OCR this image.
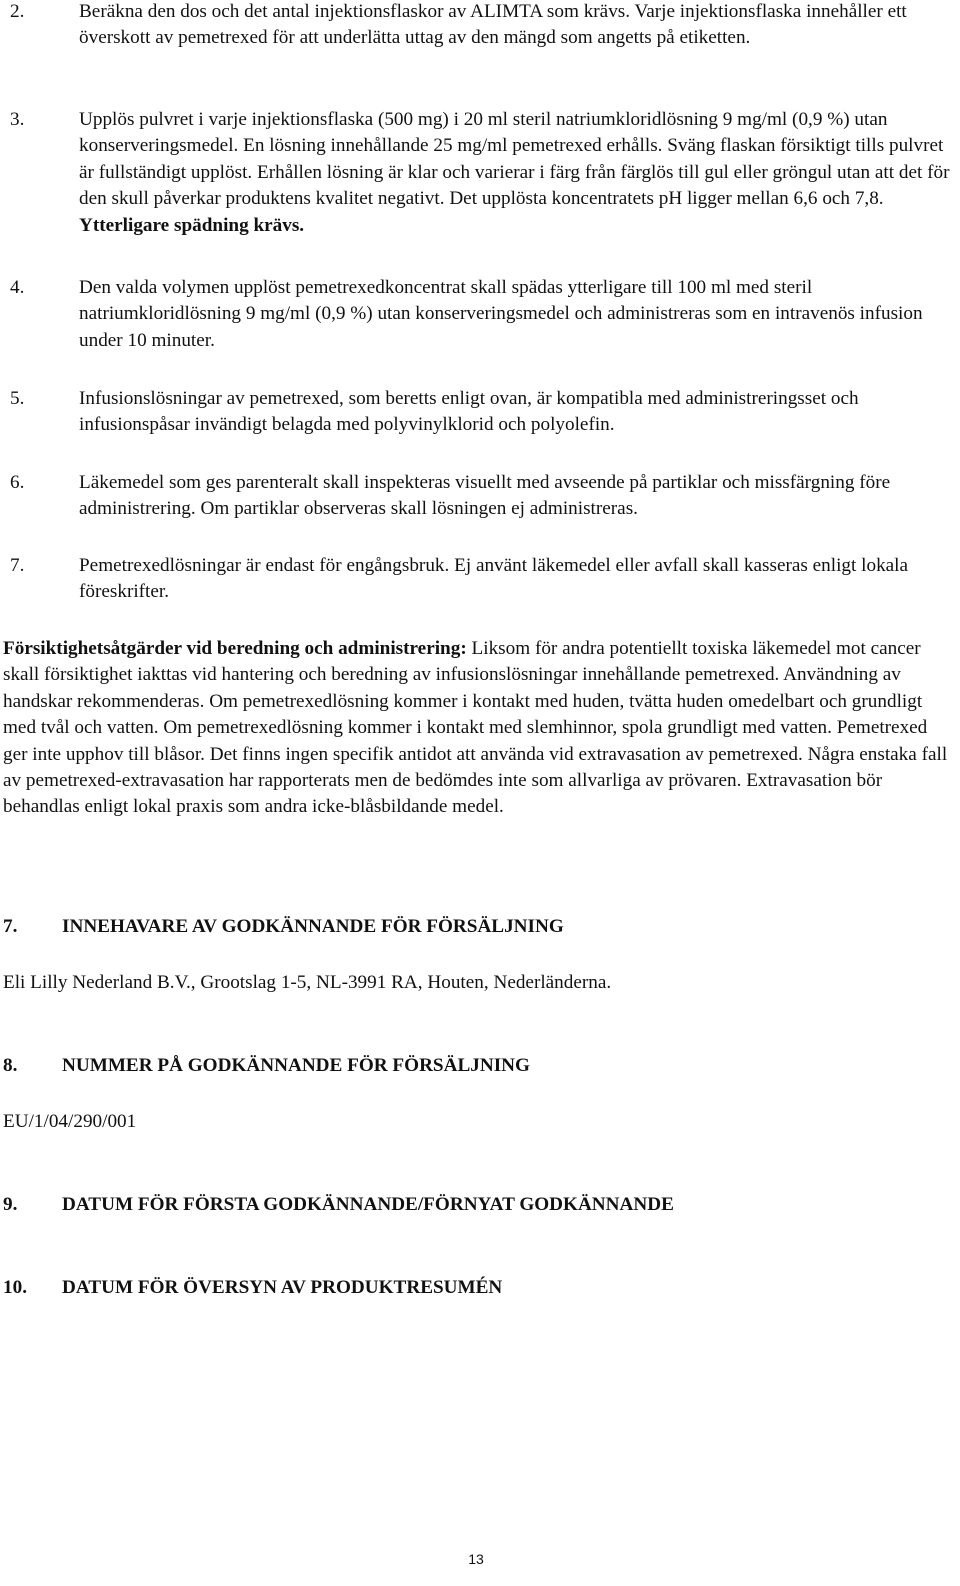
2.	Beräkna den dos och det antal injektionsflaskor av ALIMTA som krävs. Varje injektionsflaska innehåller ett överskott av pemetrexed för att underlätta uttag av den mängd som angetts på etiketten.
3.	Upplös pulvret i varje injektionsflaska (500 mg) i 20 ml steril natriumkloridlösning 9 mg/ml (0,9 %) utan konserveringsmedel. En lösning innehållande 25 mg/ml pemetrexed erhålls. Sväng flaskan försiktigt tills pulvret är fullständigt upplöst. Erhållen lösning är klar och varierar i färg från färglös till gul eller gröngul utan att det för den skull påverkar produktens kvalitet negativt. Det upplösta koncentratets pH ligger mellan 6,6 och 7,8. Ytterligare spädning krävs.
4.	Den valda volymen upplöst pemetrexedkoncentrat skall spädas ytterligare till 100 ml med steril natriumkloridlösning 9 mg/ml (0,9 %) utan konserveringsmedel och administreras som en intravenös infusion under 10 minuter.
5.	Infusionslösningar av pemetrexed, som beretts enligt ovan, är kompatibla med administreringsset och infusionspåsar invändigt belagda med polyvinylklorid och polyolefin.
6.	Läkemedel som ges parenteralt skall inspekteras visuellt med avseende på partiklar och missfärgning före administrering. Om partiklar observeras skall lösningen ej administreras.
7.	Pemetrexedlösningar är endast för engångsbruk. Ej använt läkemedel eller avfall skall kasseras enligt lokala föreskrifter.
Försiktighetsåtgärder vid beredning och administrering: Liksom för andra potentiellt toxiska läkemedel mot cancer skall försiktighet iakttas vid hantering och beredning av infusionslösningar innehållande pemetrexed. Användning av handskar rekommenderas. Om pemetrexedlösning kommer i kontakt med huden, tvätta huden omedelbart och grundligt med tvål och vatten. Om pemetrexedlösning kommer i kontakt med slemhinnor, spola grundligt med vatten. Pemetrexed ger inte upphov till blåsor. Det finns ingen specifik antidot att använda vid extravasation av pemetrexed. Några enstaka fall av pemetrexed-extravasation har rapporterats men de bedömdes inte som allvarliga av prövaren. Extravasation bör behandlas enligt lokal praxis som andra icke-blåsbildande medel.
7. INNEHAVARE AV GODKÄNNANDE FÖR FÖRSÄLJNING
Eli Lilly Nederland B.V., Grootslag 1-5, NL-3991 RA, Houten, Nederländerna.
8. NUMMER PÅ GODKÄNNANDE FÖR FÖRSÄLJNING
EU/1/04/290/001
9. DATUM FÖR FÖRSTA GODKÄNNANDE/FÖRNYAT GODKÄNNANDE
10. DATUM FÖR ÖVERSYN AV PRODUKTRESUMÉN
13
